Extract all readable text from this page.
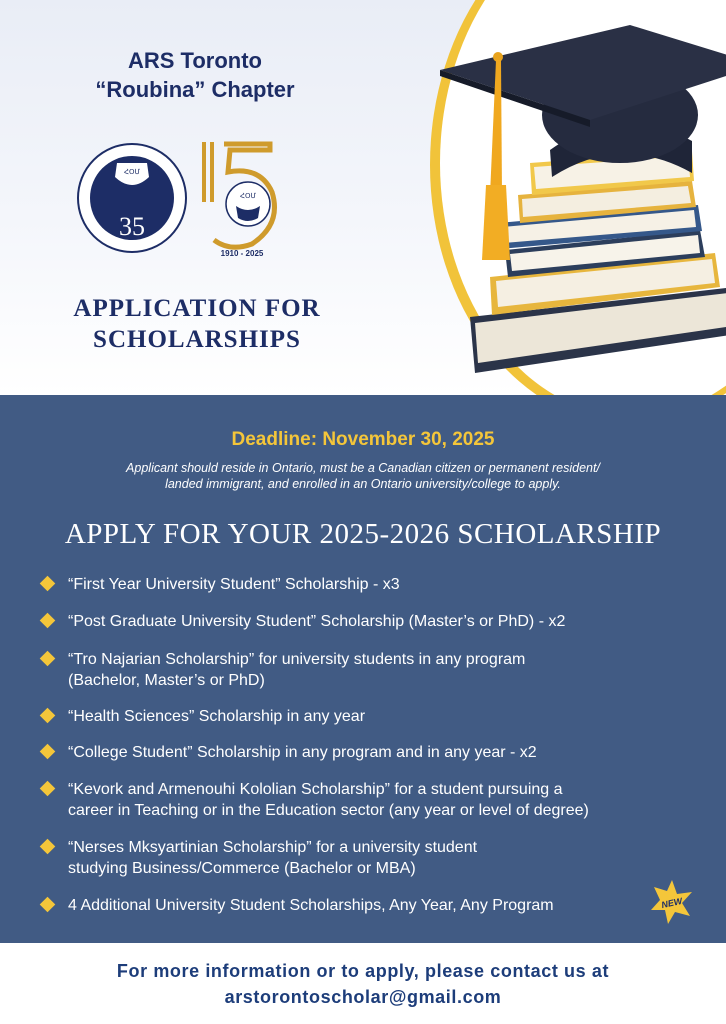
ARS Toronto
“Roubina” Chapter
ՀՕՄ
35
ՀՕՄ
1910 - 2025
APPLICATION FOR
SCHOLARSHIPS
Deadline: November 30, 2025
Applicant should reside in Ontario, must be a Canadian citizen or permanent resident/
landed immigrant, and enrolled in an Ontario university/college to apply.
APPLY FOR YOUR 2025-2026 SCHOLARSHIP
“First Year University Student” Scholarship - x3
“Post Graduate University Student” Scholarship (Master’s or PhD) - x2
“Tro Najarian Scholarship” for university students in any program
(Bachelor, Master’s or PhD)
“Health Sciences” Scholarship in any year
“College Student” Scholarship in any program and in any year - x2
“Kevork and Armenouhi Kololian Scholarship” for a student pursuing a
career in Teaching or in the Education sector (any year or level of degree)
“Nerses Mksyartinian Scholarship” for a university student
studying Business/Commerce (Bachelor or MBA)
4 Additional University Student Scholarships, Any Year, Any Program	NEW
For more information or to apply, please contact us at
arstorontoscholar@gmail.com
